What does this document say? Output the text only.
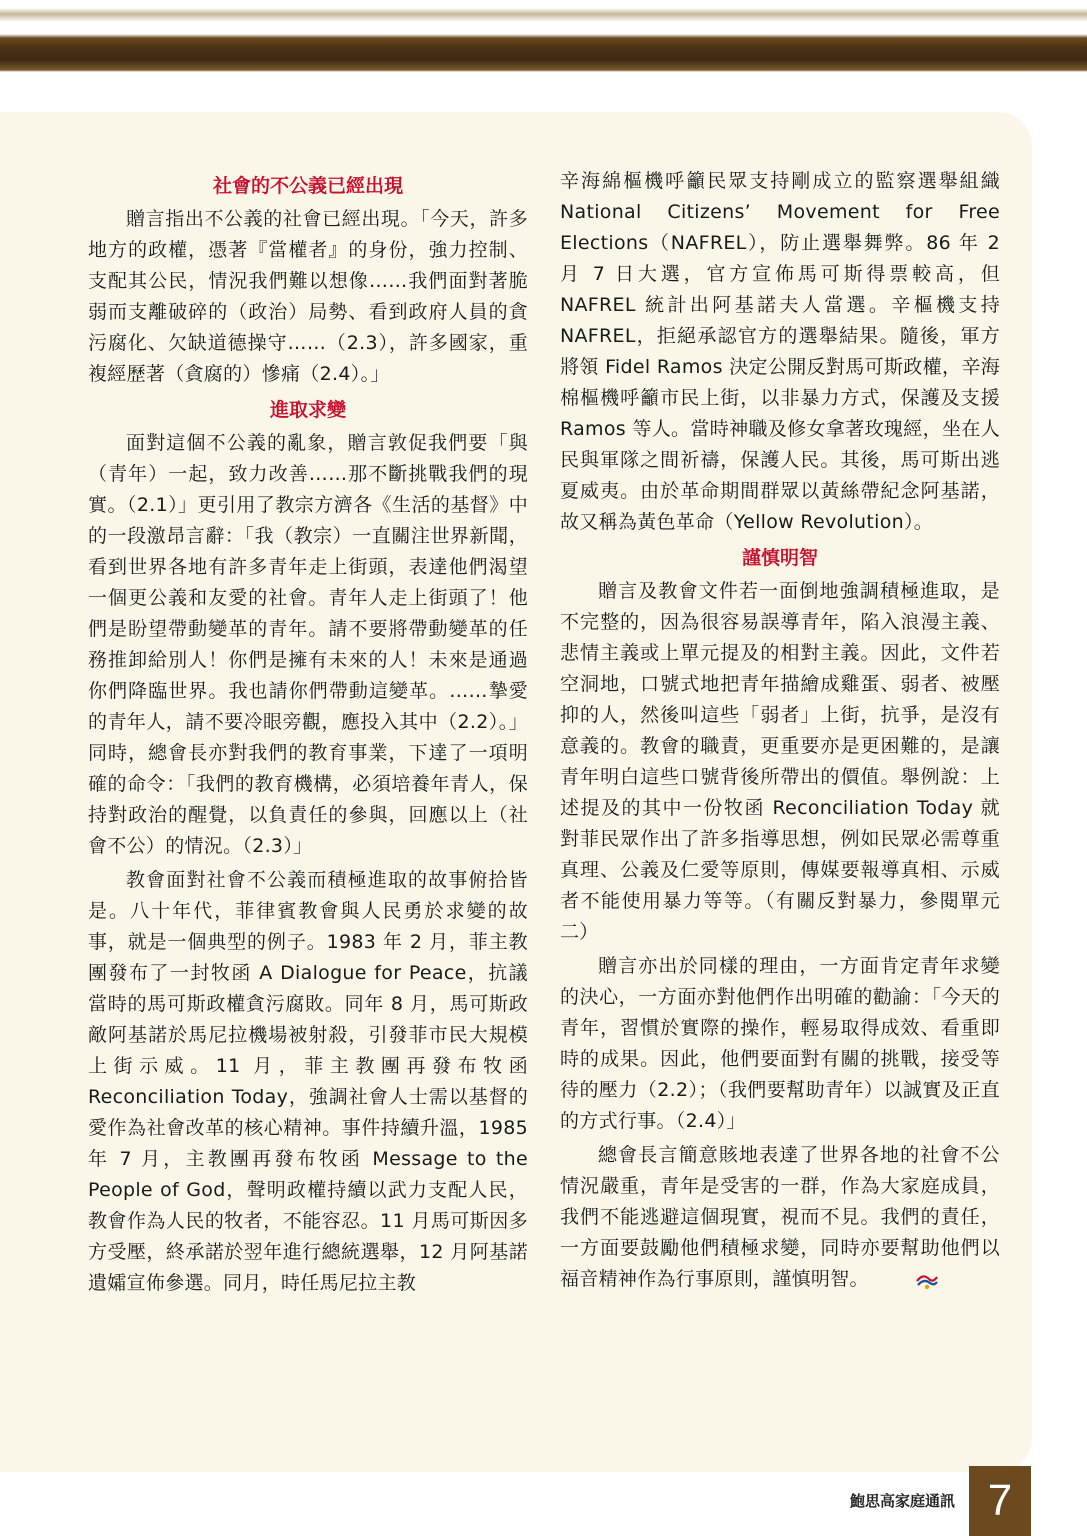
社會的不公義已經出現

贈言指出不公義的社會已經出現。「今天，許多地方的政權，憑著『當權者』的身份，強力控制、支配其公民，情況我們難以想像……我們面對著脆弱而支離破碎的（政治）局勢、看到政府人員的貪污腐化、欠缺道德操守……（2.3），許多國家，重複經歷著（貪腐的）慘痛（2.4）。」

進取求變

面對這個不公義的亂象，贈言敦促我們要「與（青年）一起，致力改善……那不斷挑戰我們的現實。（2.1）」更引用了教宗方濟各《生活的基督》中的一段激昂言辭：「我（教宗）一直關注世界新聞，看到世界各地有許多青年走上街頭，表達他們渴望一個更公義和友愛的社會。青年人走上街頭了！他們是盼望帶動變革的青年。請不要將帶動變革的任務推卸給別人！你們是擁有未來的人！未來是通過你們降臨世界。我也請你們帶動這變革。……摯愛的青年人，請不要冷眼旁觀，應投入其中（2.2）。」同時，總會長亦對我們的教育事業，下達了一項明確的命令：「我們的教育機構，必須培養年青人，保持對政治的醒覺，以負責任的參與，回應以上（社會不公）的情況。（2.3）」

教會面對社會不公義而積極進取的故事俯拾皆是。八十年代，菲律賓教會與人民勇於求變的故事，就是一個典型的例子。1983 年 2 月，菲主教團發布了一封牧函 A Dialogue for Peace，抗議當時的馬可斯政權貪污腐敗。同年 8 月，馬可斯政敵阿基諾於馬尼拉機場被射殺，引發菲市民大規模上街示威。11 月，菲主教團再發布牧函 Reconciliation Today，強調社會人士需以基督的愛作為社會改革的核心精神。事件持續升溫，1985 年 7 月，主教團再發布牧函 Message to the People of God，聲明政權持續以武力支配人民，教會作為人民的牧者，不能容忍。11 月馬可斯因多方受壓，終承諾於翌年進行總統選舉，12 月阿基諾遺孀宣佈參選。同月，時任馬尼拉主教

辛海綿樞機呼籲民眾支持剛成立的監察選舉組織 National Citizens’ Movement for Free Elections（NAFREL），防止選舉舞弊。86 年 2 月 7 日大選，官方宣佈馬可斯得票較高，但 NAFREL 統計出阿基諾夫人當選。辛樞機支持 NAFREL，拒絕承認官方的選舉結果。隨後，軍方將領 Fidel Ramos 決定公開反對馬可斯政權，辛海棉樞機呼籲市民上街，以非暴力方式，保護及支援 Ramos 等人。當時神職及修女拿著玫瑰經，坐在人民與軍隊之間祈禱，保護人民。其後，馬可斯出逃夏威夷。由於革命期間群眾以黃絲帶紀念阿基諾，故又稱為黃色革命（Yellow Revolution）。

謹慎明智

贈言及教會文件若一面倒地強調積極進取，是不完整的，因為很容易誤導青年，陷入浪漫主義、悲情主義或上單元提及的相對主義。因此，文件若空洞地，口號式地把青年描繪成雞蛋、弱者、被壓抑的人，然後叫這些「弱者」上街，抗爭，是沒有意義的。教會的職責，更重要亦是更困難的，是讓青年明白這些口號背後所帶出的價值。舉例說：上述提及的其中一份牧函 Reconciliation Today 就對菲民眾作出了許多指導思想，例如民眾必需尊重真理、公義及仁愛等原則，傳媒要報導真相、示威者不能使用暴力等等。（有關反對暴力，參閱單元二）

贈言亦出於同樣的理由，一方面肯定青年求變的決心，一方面亦對他們作出明確的勸諭：「今天的青年，習慣於實際的操作，輕易取得成效、看重即時的成果。因此，他們要面對有關的挑戰，接受等待的壓力（2.2）；（我們要幫助青年）以誠實及正直的方式行事。（2.4）」

總會長言簡意賅地表達了世界各地的社會不公情況嚴重，青年是受害的一群，作為大家庭成員，我們不能逃避這個現實，視而不見。我們的責任，一方面要鼓勵他們積極求變，同時亦要幫助他們以福音精神作為行事原則，謹慎明智。

鮑思高家庭通訊 7
